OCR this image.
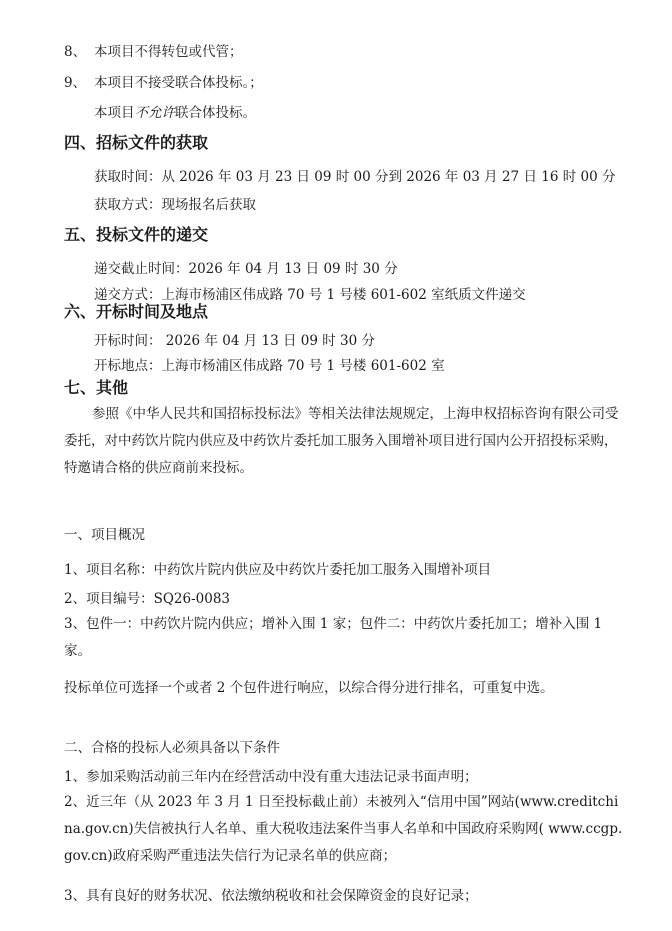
8、 本项目不得转包或代管；
9、 本项目不接受联合体投标。；
本项目不允许联合体投标。
四、招标文件的获取
获取时间：从 2026 年 03 月 23 日 09 时 00 分到 2026 年 03 月 27 日 16 时 00 分
获取方式：现场报名后获取
五、投标文件的递交
递交截止时间：2026 年 04 月 13 日 09 时 30 分
递交方式：上海市杨浦区伟成路 70 号 1 号楼 601-602 室纸质文件递交
六、开标时间及地点
开标时间： 2026 年 04 月 13 日 09 时 30 分
开标地点：上海市杨浦区伟成路 70 号 1 号楼 601-602 室
七、其他
参照《中华人民共和国招标投标法》等相关法律法规规定，上海申权招标咨询有限公司受委托，对中药饮片院内供应及中药饮片委托加工服务入围增补项目进行国内公开招投标采购，特邀请合格的供应商前来投标。
一、项目概况
1、项目名称：中药饮片院内供应及中药饮片委托加工服务入围增补项目
2、项目编号：SQ26-0083
3、包件一：中药饮片院内供应；增补入围 1 家；包件二：中药饮片委托加工；增补入围 1 家。
投标单位可选择一个或者 2 个包件进行响应，以综合得分进行排名，可重复中选。
二、合格的投标人必须具备以下条件
1、参加采购活动前三年内在经营活动中没有重大违法记录书面声明；
2、近三年（从 2023 年 3 月 1 日至投标截止前）未被列入“信用中国”网站(www.creditchina.gov.cn)失信被执行人名单、重大税收违法案件当事人名单和中国政府采购网( www.ccgp.gov.cn)政府采购严重违法失信行为记录名单的供应商；
3、具有良好的财务状况、依法缴纳税收和社会保障资金的良好记录；
